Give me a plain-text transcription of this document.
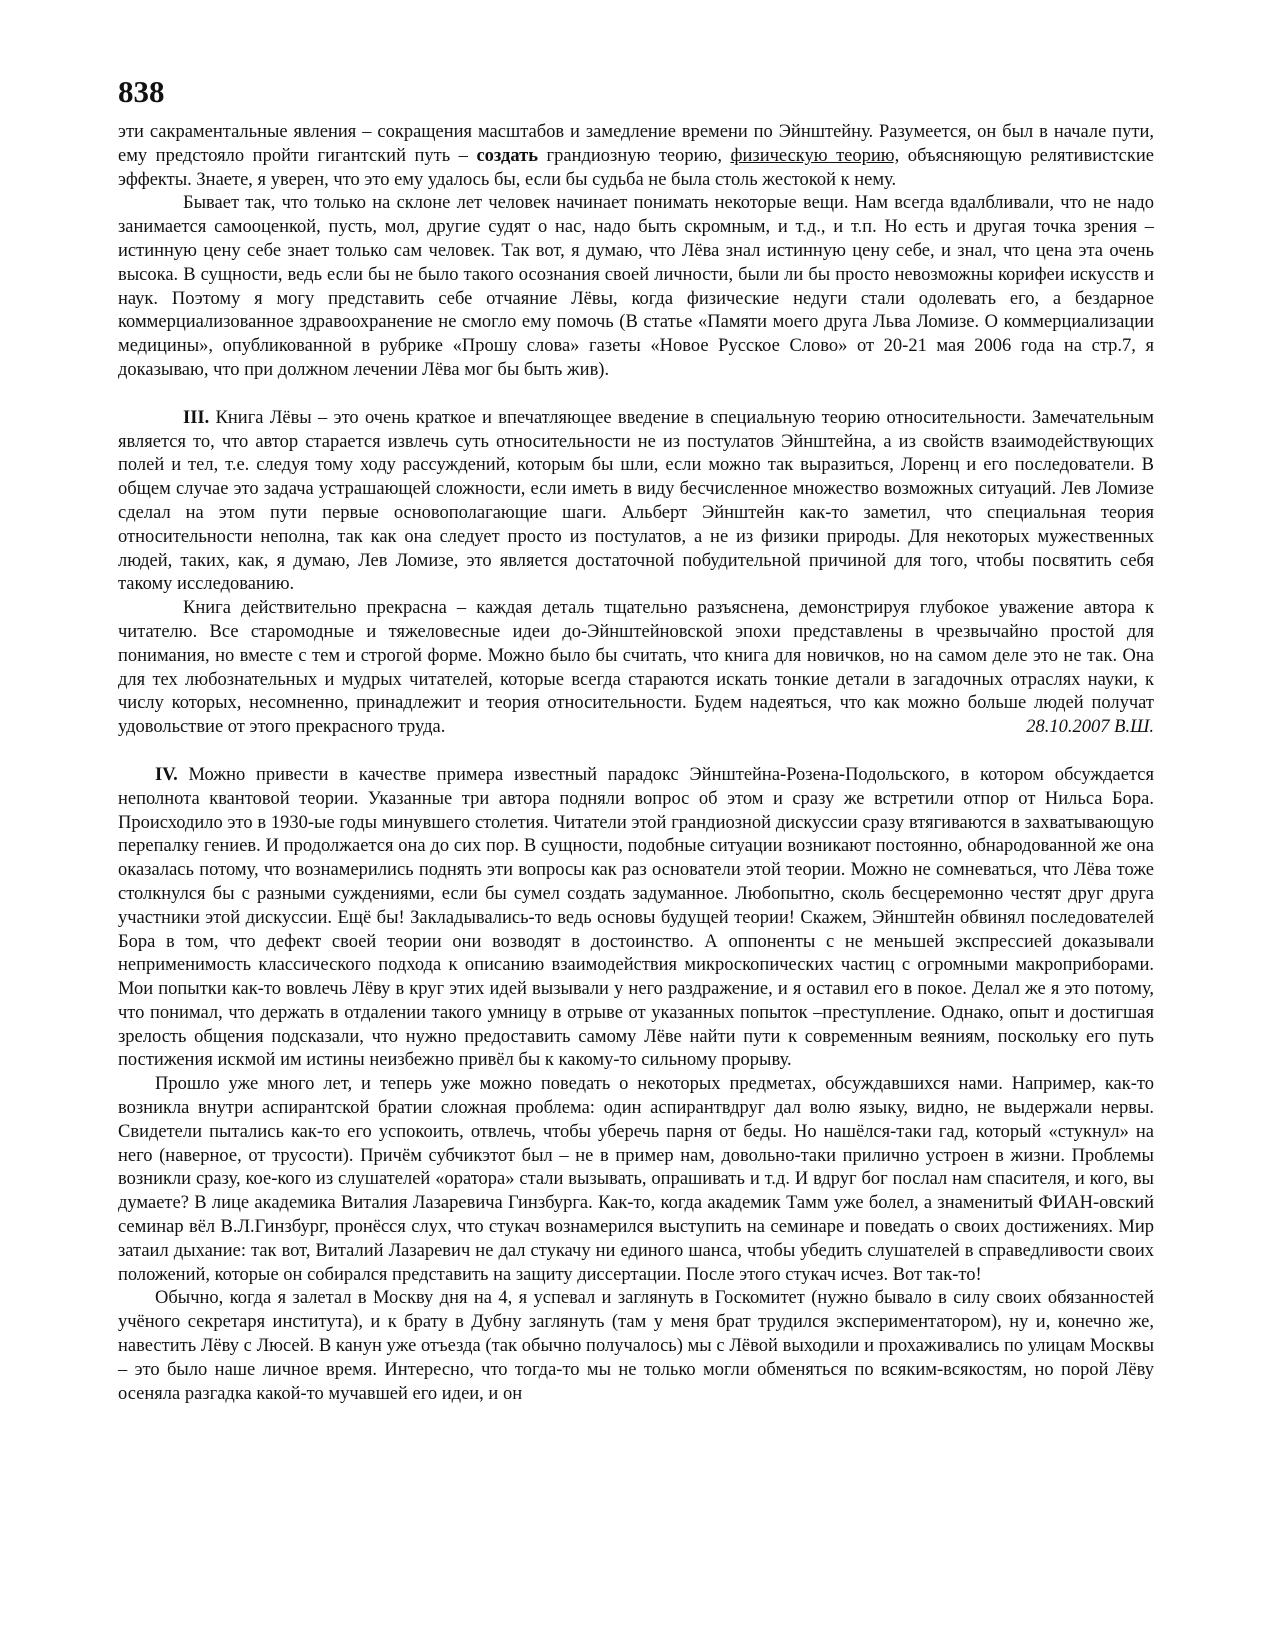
838

эти сакраментальные явления – сокращения масштабов и замедление времени по Эйнштейну. Разумеется, он был в начале пути, ему предстояло пройти гигантский путь – создать грандиозную теорию, физическую теорию, объясняющую релятивистские эффекты. Знаете, я уверен, что это ему удалось бы, если бы судьба не была столь жестокой к нему.

Бывает так, что только на склоне лет человек начинает понимать некоторые вещи. Нам всегда вдалбливали, что не надо занимается самооценкой, пусть, мол, другие судят о нас, надо быть скромным, и т.д., и т.п. Но есть и другая точка зрения – истинную цену себе знает только сам человек. Так вот, я думаю, что Лёва знал истинную цену себе, и знал, что цена эта очень высока. В сущности, ведь если бы не было такого осознания своей личности, были ли бы просто невозможны корифеи искусств и наук. Поэтому я могу представить себе отчаяние Лёвы, когда физические недуги стали одолевать его, а бездарное коммерциализованное здравоохранение не смогло ему помочь (В статье «Памяти моего друга Льва Ломизе. О коммерциализации медицины», опубликованной в рубрике «Прошу слова» газеты «Новое Русское Слово» от 20-21 мая 2006 года на стр.7, я доказываю, что при должном лечении Лёва мог бы быть жив).

III. Книга Лёвы – это очень краткое и впечатляющее введение в специальную теорию относительности. Замечательным является то, что автор старается извлечь суть относительности не из постулатов Эйнштейна, а из свойств взаимодействующих полей и тел, т.е. следуя тому ходу рассуждений, которым бы шли, если можно так выразиться, Лоренц и его последователи. В общем случае это задача устрашающей сложности, если иметь в виду бесчисленное множество возможных ситуаций. Лев Ломизе сделал на этом пути первые основополагающие шаги. Альберт Эйнштейн как-то заметил, что специальная теория относительности неполна, так как она следует просто из постулатов, а не из физики природы. Для некоторых мужественных людей, таких, как, я думаю, Лев Ломизе, это является достаточной побудительной причиной для того, чтобы посвятить себя такому исследованию.

Книга действительно прекрасна – каждая деталь тщательно разъяснена, демонстрируя глубокое уважение автора к читателю. Все старомодные и тяжеловесные идеи до-Эйнштейновской эпохи представлены в чрезвычайно простой для понимания, но вместе с тем и строгой форме. Можно было бы считать, что книга для новичков, но на самом деле это не так. Она для тех любознательных и мудрых читателей, которые всегда стараются искать тонкие детали в загадочных отраслях науки, к числу которых, несомненно, принадлежит и теория относительности. Будем надеяться, что как можно больше людей получат удовольствие от этого прекрасного труда.	28.10.2007 В.Ш.

IV. Можно привести в качестве примера известный парадокс Эйнштейна-Розена-Подольского, в котором обсуждается неполнота квантовой теории. Указанные три автора подняли вопрос об этом и сразу же встретили отпор от Нильса Бора. Происходило это в 1930-ые годы минувшего столетия. Читатели этой грандиозной дискуссии сразу втягиваются в захватывающую перепалку гениев. И продолжается она до сих пор. В сущности, подобные ситуации возникают постоянно, обнародованной же она оказалась потому, что вознамерились поднять эти вопросы как раз основатели этой теории. Можно не сомневаться, что Лёва тоже столкнулся бы с разными суждениями, если бы сумел создать задуманное. Любопытно, сколь бесцеремонно честят друг друга участники этой дискуссии. Ещё бы! Закладывались-то ведь основы будущей теории! Скажем, Эйнштейн обвинял последователей Бора в том, что дефект своей теории они возводят в достоинство. А оппоненты с не меньшей экспрессией доказывали неприменимость классического подхода к описанию взаимодействия микроскопических частиц с огромными макроприборами. Мои попытки как-то вовлечь Лёву в круг этих идей вызывали у него раздражение, и я оставил его в покое. Делал же я это потому, что понимал, что держать в отдалении такого умницу в отрыве от указанных попыток –преступление. Однако, опыт и достигшая зрелость общения подсказали, что нужно предоставить самому Лёве найти пути к современным веяниям, поскольку его путь постижения искмой им истины неизбежно привёл бы к какому-то сильному прорыву.

Прошло уже много лет, и теперь уже можно поведать о некоторых предметах, обсуждавшихся нами. Например, как-то возникла внутри аспирантской братии сложная проблема: один аспирантвдруг дал волю языку, видно, не выдержали нервы. Свидетели пытались как-то его успокоить, отвлечь, чтобы уберечь парня от беды. Но нашёлся-таки гад, который «стукнул» на него (наверное, от трусости). Причём субчикэтот был – не в пример нам, довольно-таки прилично устроен в жизни. Проблемы возникли сразу, кое-кого из слушателей «оратора» стали вызывать, опрашивать и т.д. И вдруг бог послал нам спасителя, и кого, вы думаете? В лице академика Виталия Лазаревича Гинзбурга. Как-то, когда академик Тамм уже болел, а знаменитый ФИАН-овский семинар вёл В.Л.Гинзбург, пронёсся слух, что стукач вознамерился выступить на семинаре и поведать о своих достижениях. Мир затаил дыхание: так вот, Виталий Лазаревич не дал стукачу ни единого шанса, чтобы убедить слушателей в справедливости своих положений, которые он собирался представить на защиту диссертации. После этого стукач исчез. Вот так-то!

Обычно, когда я залетал в Москву дня на 4, я успевал и заглянуть в Госкомитет (нужно бывало в силу своих обязанностей учёного секретаря института), и к брату в Дубну заглянуть (там у меня брат трудился экспериментатором), ну и, конечно же, навестить Лёву с Люсей. В канун уже отъезда (так обычно получалось) мы с Лёвой выходили и прохаживались по улицам Москвы – это было наше личное время. Интересно, что тогда-то мы не только могли обменяться по всяким-всякостям, но порой Лёву осеняла разгадка какой-то мучавшей его идеи, и он
